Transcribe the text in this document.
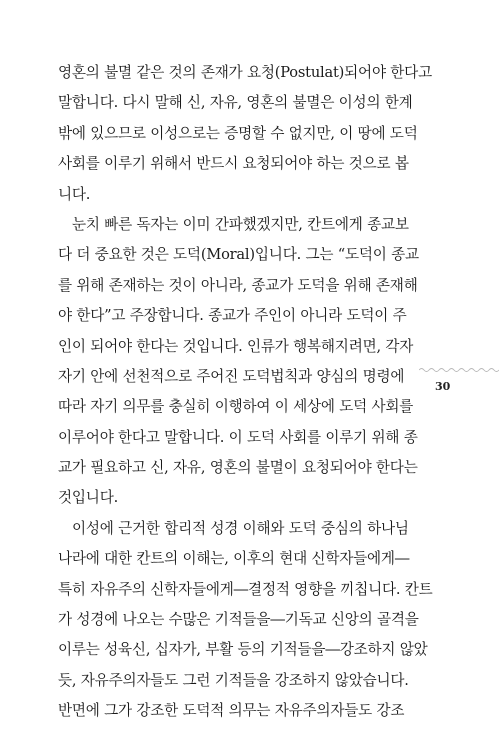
영혼의 불멸 같은 것의 존재가 요청(Postulat)되어야 한다고
말합니다. 다시 말해 신, 자유, 영혼의 불멸은 이성의 한계
밖에 있으므로 이성으로는 증명할 수 없지만, 이 땅에 도덕
사회를 이루기 위해서 반드시 요청되어야 하는 것으로 봅
니다.
눈치 빠른 독자는 이미 간파했겠지만, 칸트에게 종교보
다 더 중요한 것은 도덕(Moral)입니다. 그는 “도덕이 종교
를 위해 존재하는 것이 아니라, 종교가 도덕을 위해 존재해
야 한다”고 주장합니다. 종교가 주인이 아니라 도덕이 주
인이 되어야 한다는 것입니다. 인류가 행복해지려면, 각자
자기 안에 선천적으로 주어진 도덕법칙과 양심의 명령에
따라 자기 의무를 충실히 이행하여 이 세상에 도덕 사회를
이루어야 한다고 말합니다. 이 도덕 사회를 이루기 위해 종
교가 필요하고 신, 자유, 영혼의 불멸이 요청되어야 한다는
것입니다.
이성에 근거한 합리적 성경 이해와 도덕 중심의 하나님
나라에 대한 칸트의 이해는, 이후의 현대 신학자들에게―
특히 자유주의 신학자들에게―결정적 영향을 끼칩니다. 칸트
가 성경에 나오는 수많은 기적들을―기독교 신앙의 골격을
이루는 성육신, 십자가, 부활 등의 기적들을―강조하지 않았
듯, 자유주의자들도 그런 기적들을 강조하지 않았습니다.
반면에 그가 강조한 도덕적 의무는 자유주의자들도 강조
30
